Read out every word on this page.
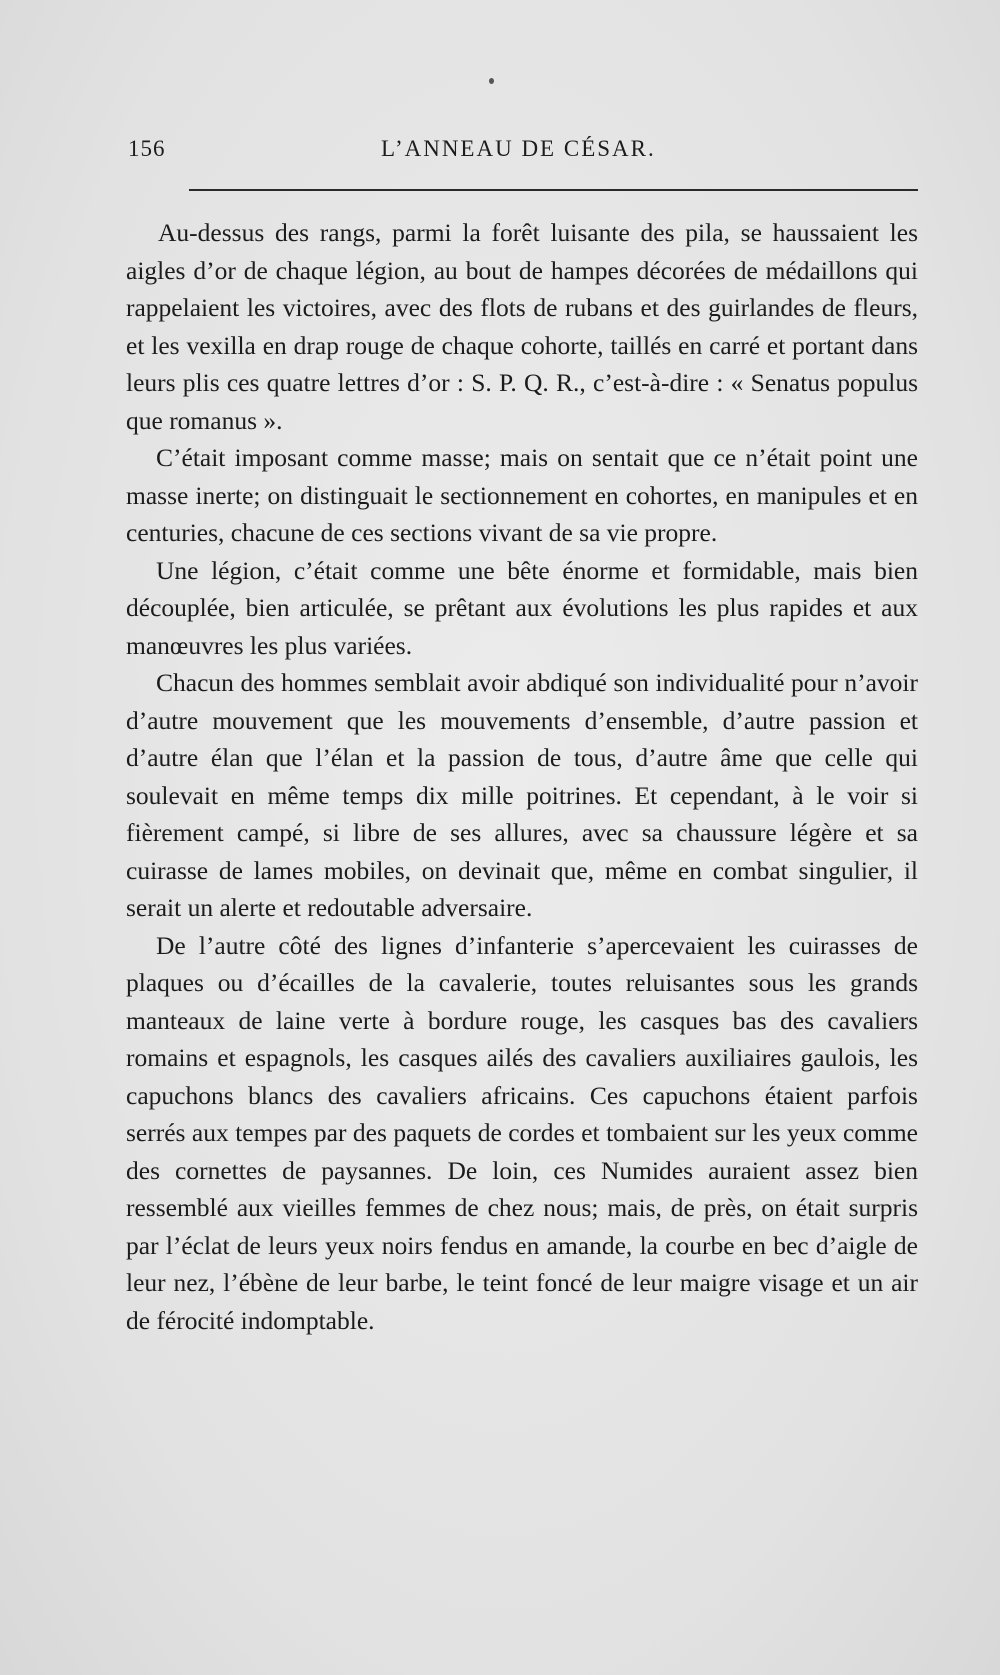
156	L’ANNEAU DE CÉSAR.

Au-dessus des rangs, parmi la forêt luisante des pila, se haussaient les aigles d’or de chaque légion, au bout de hampes décorées de médaillons qui rappelaient les victoires, avec des flots de rubans et des guirlandes de fleurs, et les vexilla en drap rouge de chaque cohorte, taillés en carré et portant dans leurs plis ces quatre lettres d’or : S. P. Q. R., c’est-à-dire : « Senatus populus que romanus ».

C’était imposant comme masse; mais on sentait que ce n’était point une masse inerte; on distinguait le sectionnement en cohortes, en manipules et en centuries, chacune de ces sections vivant de sa vie propre.

Une légion, c’était comme une bête énorme et formidable, mais bien découplée, bien articulée, se prêtant aux évolutions les plus rapides et aux manœuvres les plus variées.

Chacun des hommes semblait avoir abdiqué son individualité pour n’avoir d’autre mouvement que les mouvements d’ensemble, d’autre passion et d’autre élan que l’élan et la passion de tous, d’autre âme que celle qui soulevait en même temps dix mille poitrines. Et cependant, à le voir si fièrement campé, si libre de ses allures, avec sa chaussure légère et sa cuirasse de lames mobiles, on devinait que, même en combat singulier, il serait un alerte et redoutable adversaire.

De l’autre côté des lignes d’infanterie s’apercevaient les cuirasses de plaques ou d’écailles de la cavalerie, toutes reluisantes sous les grands manteaux de laine verte à bordure rouge, les casques bas des cavaliers romains et espagnols, les casques ailés des cavaliers auxiliaires gaulois, les capuchons blancs des cavaliers africains. Ces capuchons étaient parfois serrés aux tempes par des paquets de cordes et tombaient sur les yeux comme des cornettes de paysannes. De loin, ces Numides auraient assez bien ressemblé aux vieilles femmes de chez nous; mais, de près, on était surpris par l’éclat de leurs yeux noirs fendus en amande, la courbe en bec d’aigle de leur nez, l’ébène de leur barbe, le teint foncé de leur maigre visage et un air de férocité indomptable.
